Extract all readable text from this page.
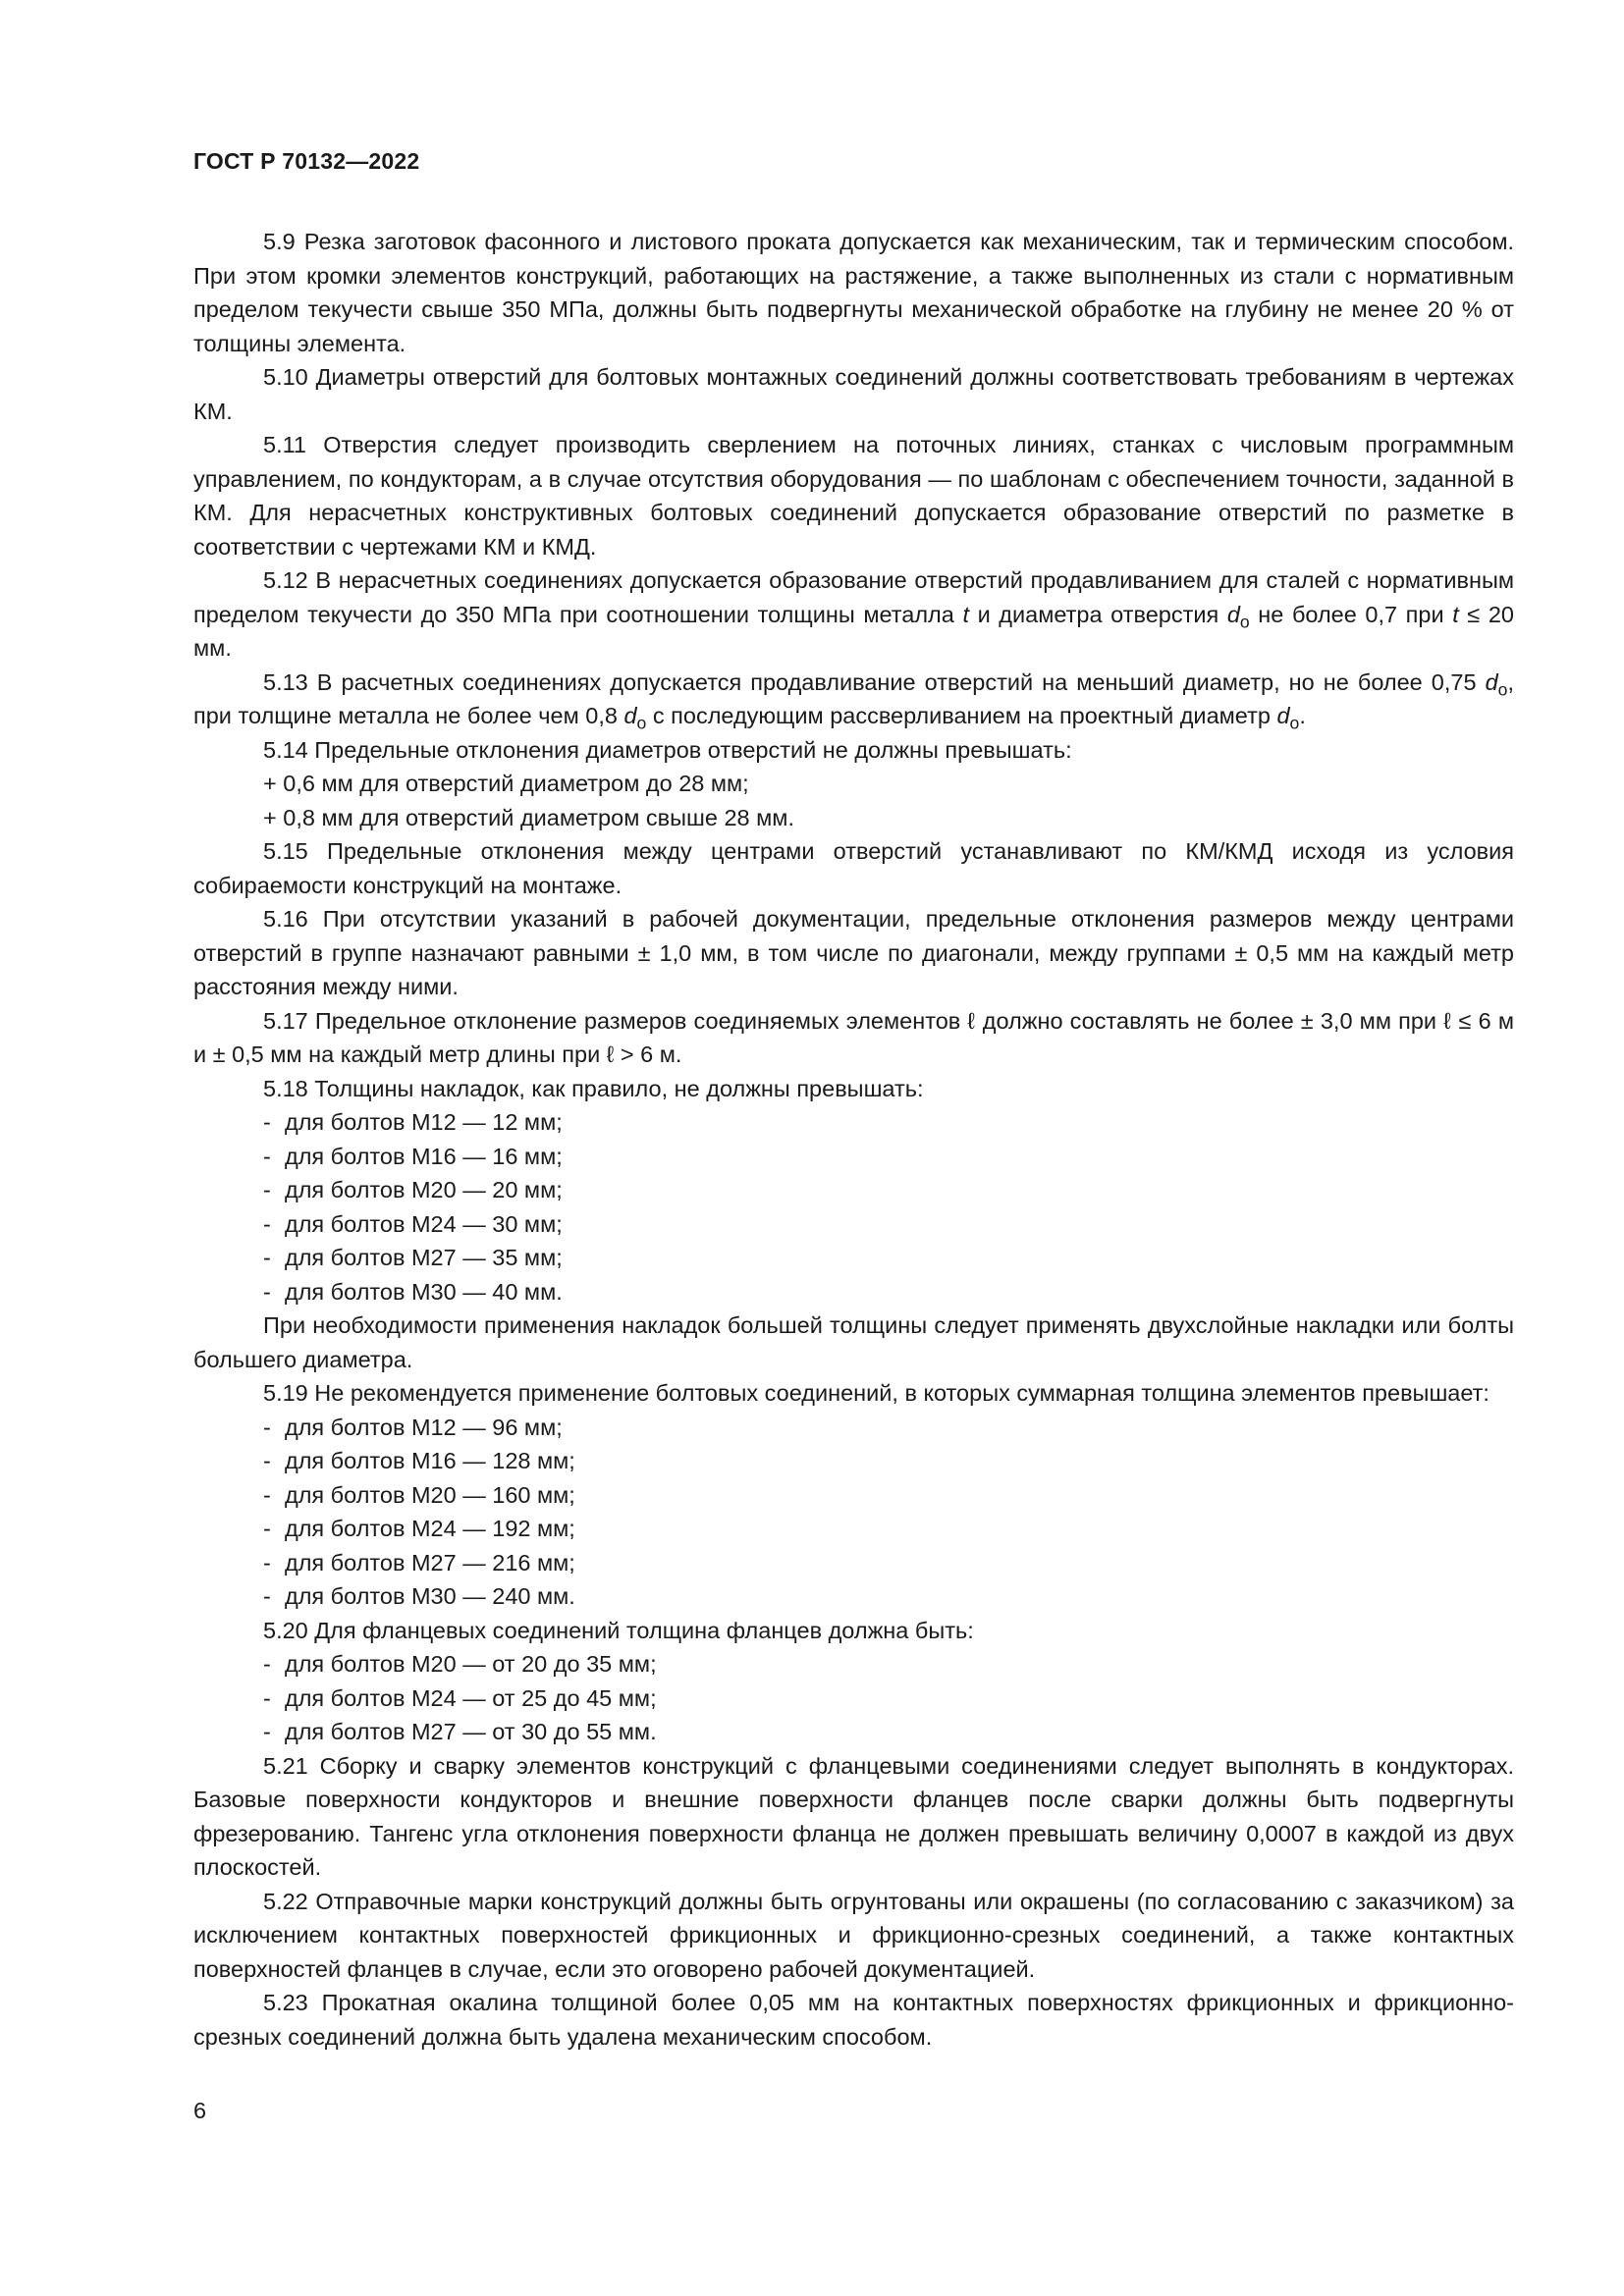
ГОСТ Р 70132—2022

5.9 Резка заготовок фасонного и листового проката допускается как механическим, так и термическим способом. При этом кромки элементов конструкций, работающих на растяжение, а также выполненных из стали с нормативным пределом текучести свыше 350 МПа, должны быть подвергнуты механической обработке на глубину не менее 20 % от толщины элемента.

5.10 Диаметры отверстий для болтовых монтажных соединений должны соответствовать требованиям в чертежах КМ.

5.11 Отверстия следует производить сверлением на поточных линиях, станках с числовым программным управлением, по кондукторам, а в случае отсутствия оборудования — по шаблонам с обеспечением точности, заданной в КМ. Для нерасчетных конструктивных болтовых соединений допускается образование отверстий по разметке в соответствии с чертежами КМ и КМД.

5.12 В нерасчетных соединениях допускается образование отверстий продавливанием для сталей с нормативным пределом текучести до 350 МПа при соотношении толщины металла t и диаметра отверстия $d_о$ не более 0,7 при t ≤ 20 мм.

5.13 В расчетных соединениях допускается продавливание отверстий на меньший диаметр, но не более 0,75 $d_о$, при толщине металла не более чем 0,8 $d_о$ с последующим рассверливанием на проектный диаметр $d_о$.

5.14 Предельные отклонения диаметров отверстий не должны превышать:

+ 0,6 мм для отверстий диаметром до 28 мм;
+ 0,8 мм для отверстий диаметром свыше 28 мм.

5.15 Предельные отклонения между центрами отверстий устанавливают по КМ/КМД исходя из условия собираемости конструкций на монтаже.

5.16 При отсутствии указаний в рабочей документации, предельные отклонения размеров между центрами отверстий в группе назначают равными ± 1,0 мм, в том числе по диагонали, между группами ± 0,5 мм на каждый метр расстояния между ними.

5.17 Предельное отклонение размеров соединяемых элементов ℓ должно составлять не более ± 3,0 мм при ℓ ≤ 6 м и ± 0,5 мм на каждый метр длины при ℓ > 6 м.

5.18 Толщины накладок, как правило, не должны превышать:

- для болтов М12 — 12 мм;
- для болтов М16 — 16 мм;
- для болтов М20 — 20 мм;
- для болтов М24 — 30 мм;
- для болтов М27 — 35 мм;
- для болтов М30 — 40 мм.

При необходимости применения накладок большей толщины следует применять двухслойные накладки или болты большего диаметра.

5.19 Не рекомендуется применение болтовых соединений, в которых суммарная толщина элементов превышает:

- для болтов М12 — 96 мм;
- для болтов М16 — 128 мм;
- для болтов М20 — 160 мм;
- для болтов М24 — 192 мм;
- для болтов М27 — 216 мм;
- для болтов М30 — 240 мм.

5.20 Для фланцевых соединений толщина фланцев должна быть:

- для болтов М20 — от 20 до 35 мм;
- для болтов М24 — от 25 до 45 мм;
- для болтов М27 — от 30 до 55 мм.

5.21 Сборку и сварку элементов конструкций с фланцевыми соединениями следует выполнять в кондукторах. Базовые поверхности кондукторов и внешние поверхности фланцев после сварки должны быть подвергнуты фрезерованию. Тангенс угла отклонения поверхности фланца не должен превышать величину 0,0007 в каждой из двух плоскостей.

5.22 Отправочные марки конструкций должны быть огрунтованы или окрашены (по согласованию с заказчиком) за исключением контактных поверхностей фрикционных и фрикционно-срезных соединений, а также контактных поверхностей фланцев в случае, если это оговорено рабочей документацией.

5.23 Прокатная окалина толщиной более 0,05 мм на контактных поверхностях фрикционных и фрикционно-срезных соединений должна быть удалена механическим способом.

6
